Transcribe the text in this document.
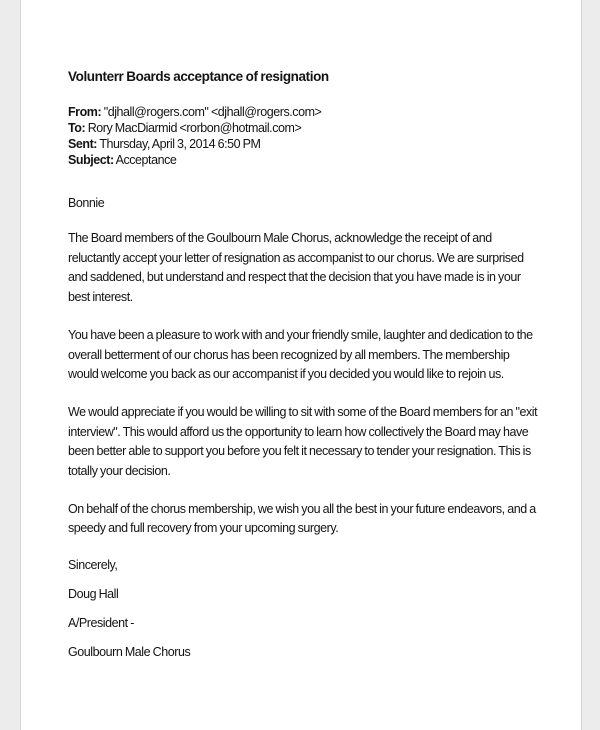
Volunterr Boards acceptance of resignation
From: "djhall@rogers.com" <djhall@rogers.com>
To: Rory MacDiarmid <rorbon@hotmail.com>
Sent: Thursday, April 3, 2014 6:50 PM
Subject: Acceptance
Bonnie
The Board members of the Goulbourn Male Chorus, acknowledge the receipt of and reluctantly accept your letter of resignation as accompanist to our chorus. We are surprised and saddened, but understand and respect that the decision that you have made is in your best interest.
You have been a pleasure to work with and your friendly smile, laughter and dedication to the overall betterment of our chorus has been recognized by all members. The membership would welcome you back as our accompanist if you decided you would like to rejoin us.
We would appreciate if you would be willing to sit with some of the Board members for an "exit interview". This would afford us the opportunity to learn how collectively the Board may have been better able to support you before you felt it necessary to tender your resignation. This is totally your decision.
On behalf of the chorus membership, we wish you all the best in your future endeavors, and a speedy and full recovery from your upcoming surgery.
Sincerely,
Doug Hall
A/President -
Goulbourn Male Chorus
